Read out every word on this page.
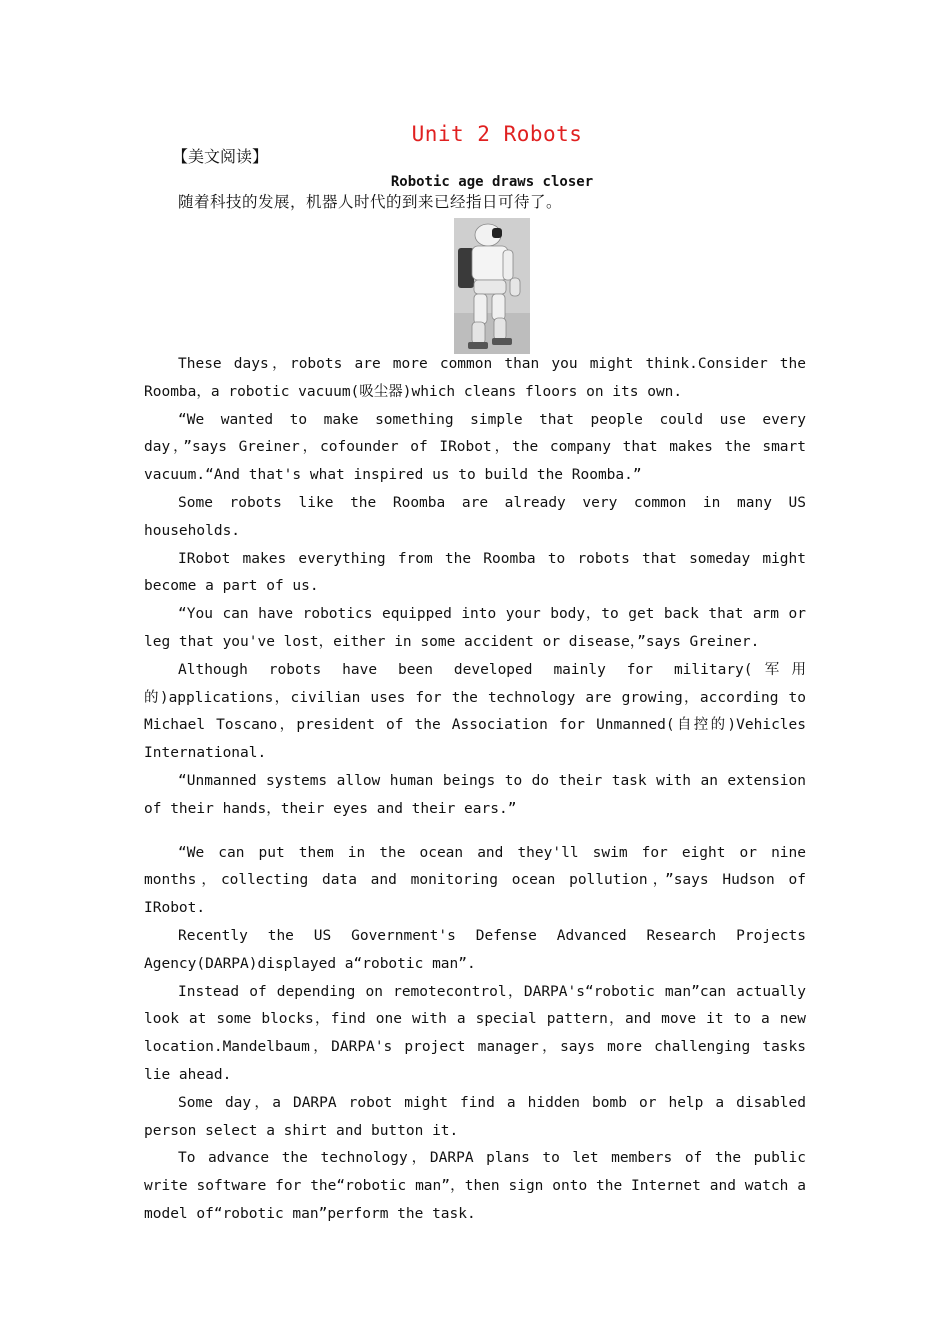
Unit 2 Robots
【美文阅读】
Robotic age draws closer
随着科技的发展，机器人时代的到来已经指日可待了。

These days，robots are more common than you might think.Consider the Roomba，a robotic vacuum(吸尘器)which cleans floors on its own.

“We wanted to make something simple that people could use every day，”says Greiner，cofounder of IRobot，the company that makes the smart vacuum.“And that's what inspired us to build the Roomba.”

Some robots like the Roomba are already very common in many US households.

IRobot makes everything from the Roomba to robots that someday might become a part of us.

“You can have robotics equipped into your body，to get back that arm or leg that you've lost，either in some accident or disease，”says Greiner.

Although robots have been developed mainly for military(军用的)applications，civilian uses for the technology are growing，according to Michael Toscano，president of the Association for Unmanned(自控的)Vehicles International.

“Unmanned systems allow human beings to do their task with an extension of their hands，their eyes and their ears.”

“We can put them in the ocean and they'll swim for eight or nine months，collecting data and monitoring ocean pollution，”says Hudson of IRobot.

Recently the US Government's Defense Advanced Research Projects Agency(DARPA)displayed a“robotic man”.

Instead of depending on remotecontrol，DARPA's“robotic man”can actually look at some blocks，find one with a special pattern，and move it to a new location.Mandelbaum，DARPA's project manager，says more challenging tasks lie ahead.

Some day，a DARPA robot might find a hidden bomb or help a disabled person select a shirt and button it.

To advance the technology，DARPA plans to let members of the public write software for the“robotic man”，then sign onto the Internet and watch a model of“robotic man”perform the task.
